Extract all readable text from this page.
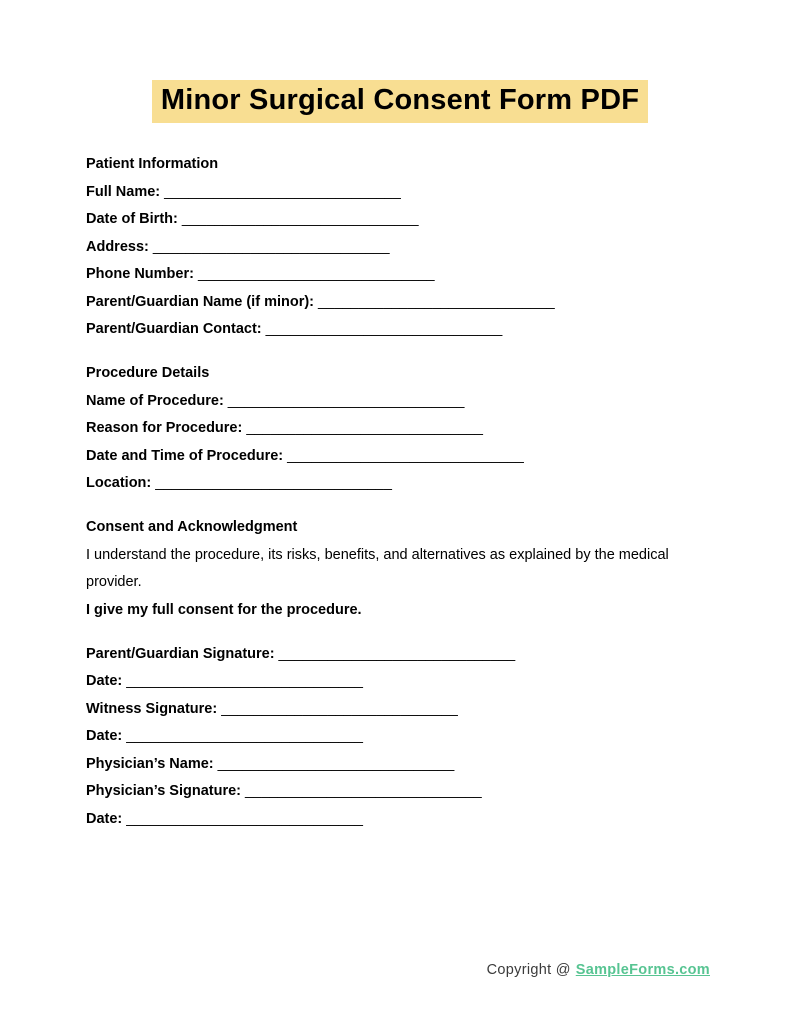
Minor Surgical Consent Form PDF

Patient Information

Full Name: _____________________________

Date of Birth: _____________________________

Address: _____________________________

Phone Number: _____________________________

Parent/Guardian Name (if minor): _____________________________

Parent/Guardian Contact: _____________________________

Procedure Details

Name of Procedure: _____________________________

Reason for Procedure: _____________________________

Date and Time of Procedure: _____________________________

Location: _____________________________

Consent and Acknowledgment

I understand the procedure, its risks, benefits, and alternatives as explained by the medical provider.

I give my full consent for the procedure.

Parent/Guardian Signature: _____________________________

Date: _____________________________

Witness Signature: _____________________________

Date: _____________________________

Physician’s Name: _____________________________

Physician’s Signature: _____________________________

Date: _____________________________

Copyright @ SampleForms.com
